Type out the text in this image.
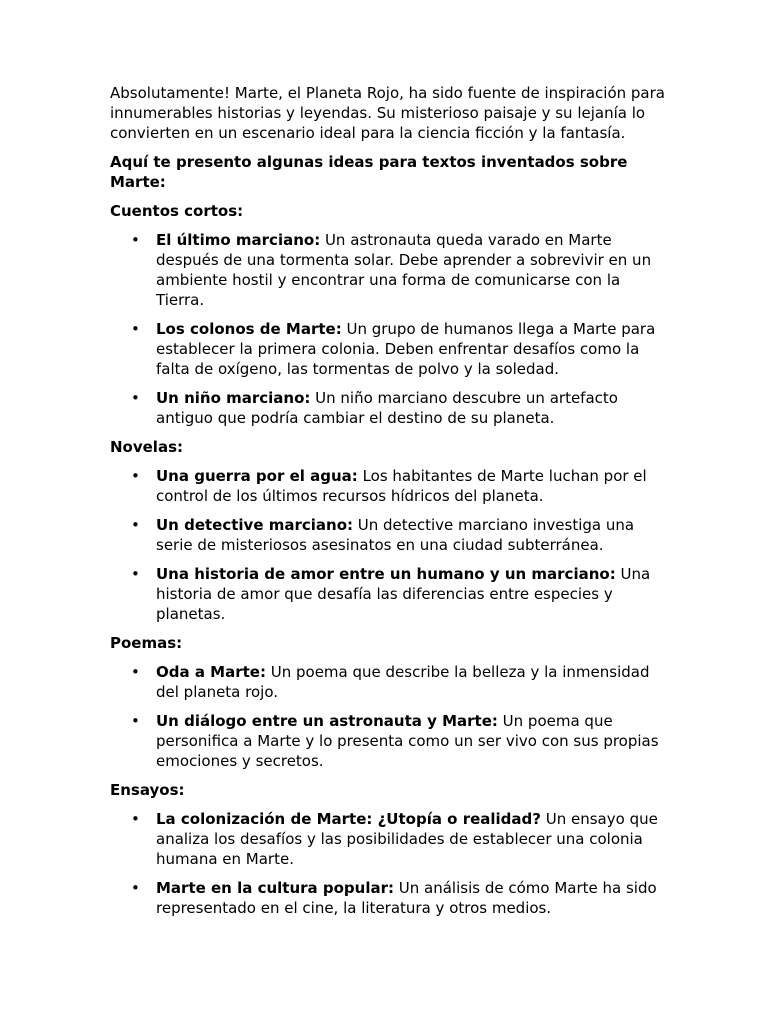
Absolutamente! Marte, el Planeta Rojo, ha sido fuente de inspiración para innumerables historias y leyendas. Su misterioso paisaje y su lejanía lo convierten en un escenario ideal para la ciencia ficción y la fantasía.

Aquí te presento algunas ideas para textos inventados sobre Marte:

Cuentos cortos:

• El último marciano: Un astronauta queda varado en Marte después de una tormenta solar. Debe aprender a sobrevivir en un ambiente hostil y encontrar una forma de comunicarse con la Tierra.
• Los colonos de Marte: Un grupo de humanos llega a Marte para establecer la primera colonia. Deben enfrentar desafíos como la falta de oxígeno, las tormentas de polvo y la soledad.
• Un niño marciano: Un niño marciano descubre un artefacto antiguo que podría cambiar el destino de su planeta.

Novelas:

• Una guerra por el agua: Los habitantes de Marte luchan por el control de los últimos recursos hídricos del planeta.
• Un detective marciano: Un detective marciano investiga una serie de misteriosos asesinatos en una ciudad subterránea.
• Una historia de amor entre un humano y un marciano: Una historia de amor que desafía las diferencias entre especies y planetas.

Poemas:

• Oda a Marte: Un poema que describe la belleza y la inmensidad del planeta rojo.
• Un diálogo entre un astronauta y Marte: Un poema que personifica a Marte y lo presenta como un ser vivo con sus propias emociones y secretos.

Ensayos:

• La colonización de Marte: ¿Utopía o realidad? Un ensayo que analiza los desafíos y las posibilidades de establecer una colonia humana en Marte.
• Marte en la cultura popular: Un análisis de cómo Marte ha sido representado en el cine, la literatura y otros medios.
